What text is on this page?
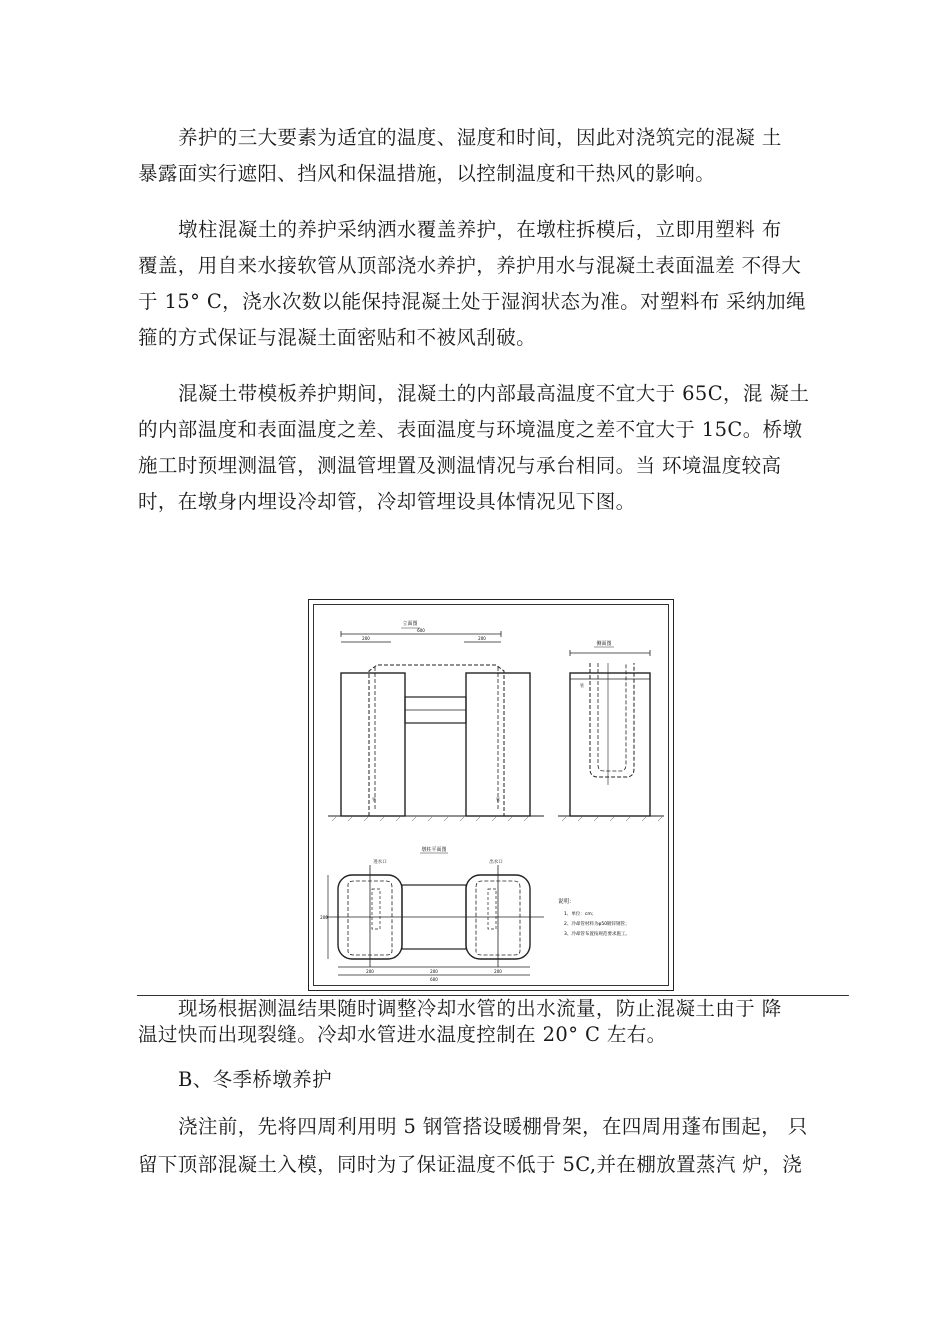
养护的三大要素为适宜的温度、湿度和时间，因此对浇筑完的混凝 土
暴露面实行遮阳、挡风和保温措施，以控制温度和干热风的影响。

墩柱混凝土的养护采纳洒水覆盖养护，在墩柱拆模后，立即用塑料 布
覆盖，用自来水接软管从顶部浇水养护，养护用水与混凝土表面温差 不得大
于 15° C，浇水次数以能保持混凝土处于湿润状态为准。对塑料布 采纳加绳
箍的方式保证与混凝土面密贴和不被风刮破。

混凝土带模板养护期间，混凝土的内部最高温度不宜大于 65C，混 凝土
的内部温度和表面温度之差、表面温度与环境温度之差不宜大于 15C。桥墩
施工时预埋测温管，测温管埋置及测温情况与承台相同。当 环境温度较高
时，在墩身内埋设冷却管，冷却管埋设具体情况见下图。

立面图
600
200	200
管	管
侧面图
管
墩柱平面图
进水口	出水口
200
200	200	200
600
说明：
1、单位：cm；
2、冷却管材料为φ50镀锌钢管；
3、冷却管布置按规范要求施工。

现场根据测温结果随时调整冷却水管的出水流量，防止混凝土由于 降
温过快而出现裂缝。冷却水管进水温度控制在 20° C 左右。

B、冬季桥墩养护

浇注前，先将四周利用明 5 钢管搭设暖棚骨架，在四周用蓬布围起， 只
留下顶部混凝土入模，同时为了保证温度不低于 5C,并在棚放置蒸汽 炉，浇
